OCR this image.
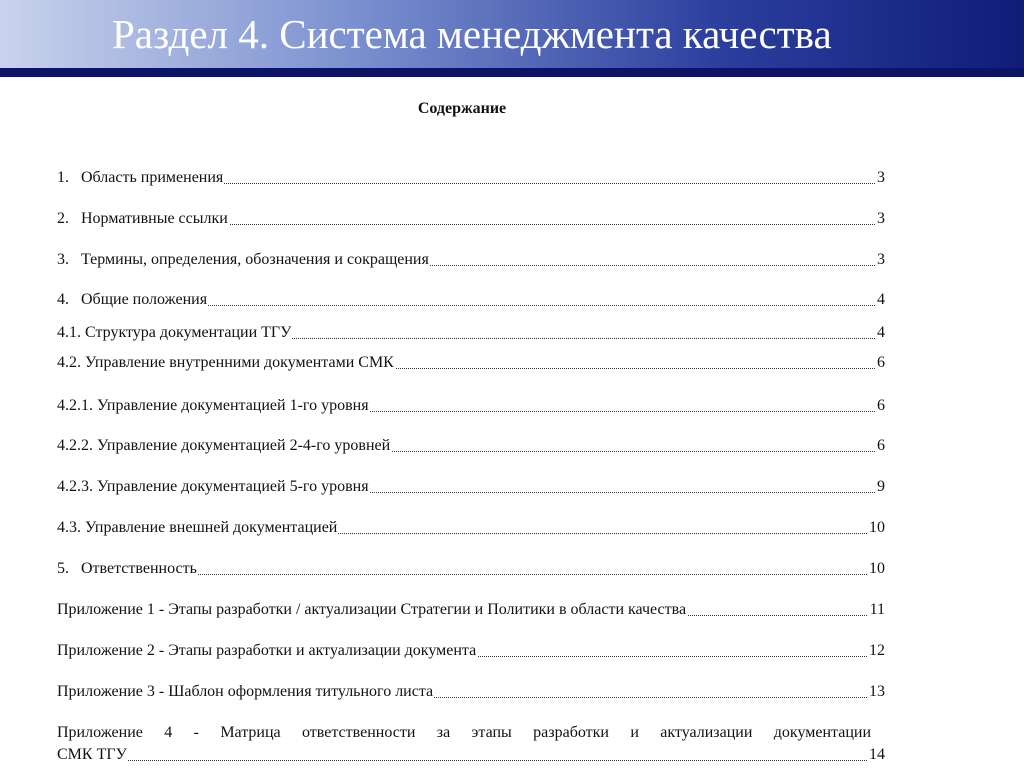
Раздел 4. Система менеджмента качества
Содержание
1.   Область применения	3
2.   Нормативные ссылки	3
3.   Термины, определения, обозначения и сокращения	3
4.   Общие положения	4
4.1. Структура документации ТГУ	4
4.2. Управление внутренними документами СМК	6
4.2.1. Управление документацией 1-го уровня	6
4.2.2. Управление документацией 2-4-го уровней	6
4.2.3. Управление документацией 5-го уровня	9
4.3. Управление внешней документацией	10
5.   Ответственность	10
Приложение 1 - Этапы разработки / актуализации Стратегии и Политики в области качества	11
Приложение 2 - Этапы разработки и актуализации документа	12
Приложение 3 - Шаблон оформления титульного листа	13
Приложение 4 - Матрица ответственности за этапы разработки и актуализации документации
СМК ТГУ	14
